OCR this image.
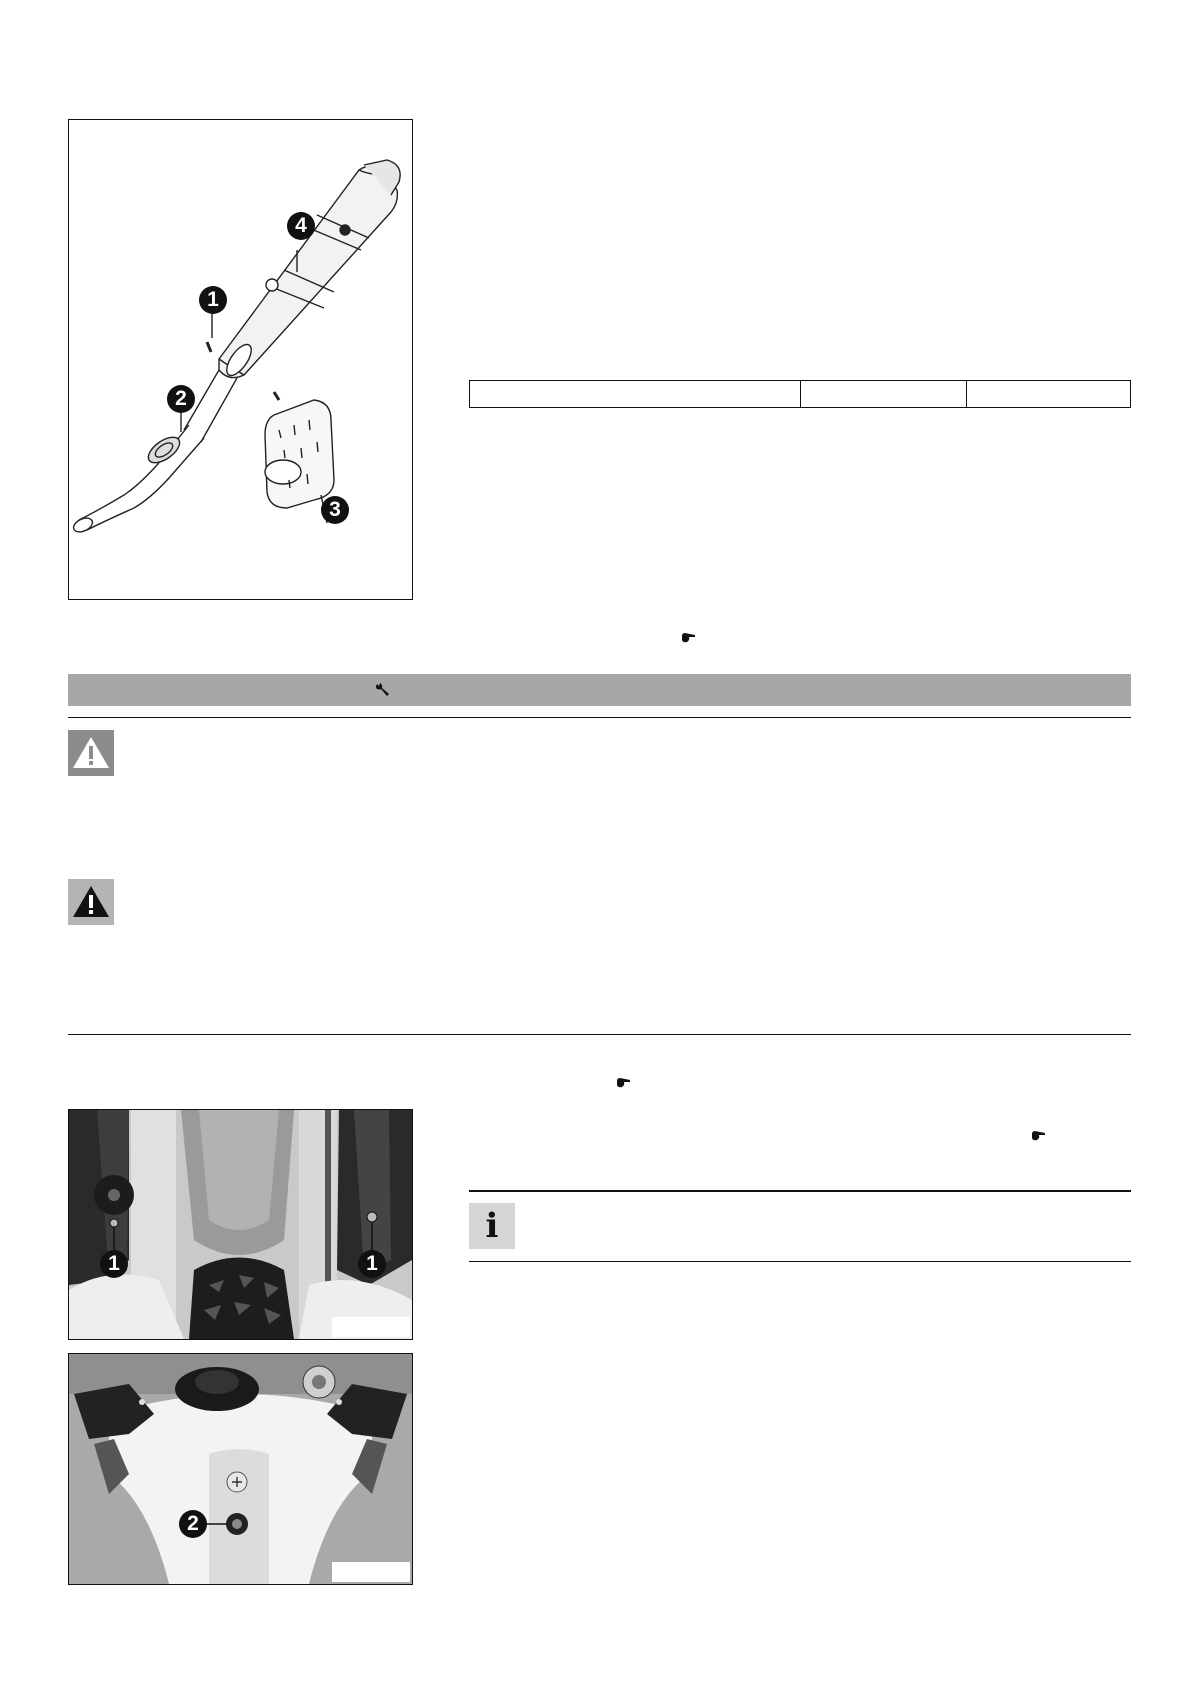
1
2
3
4

i
1	1
2
